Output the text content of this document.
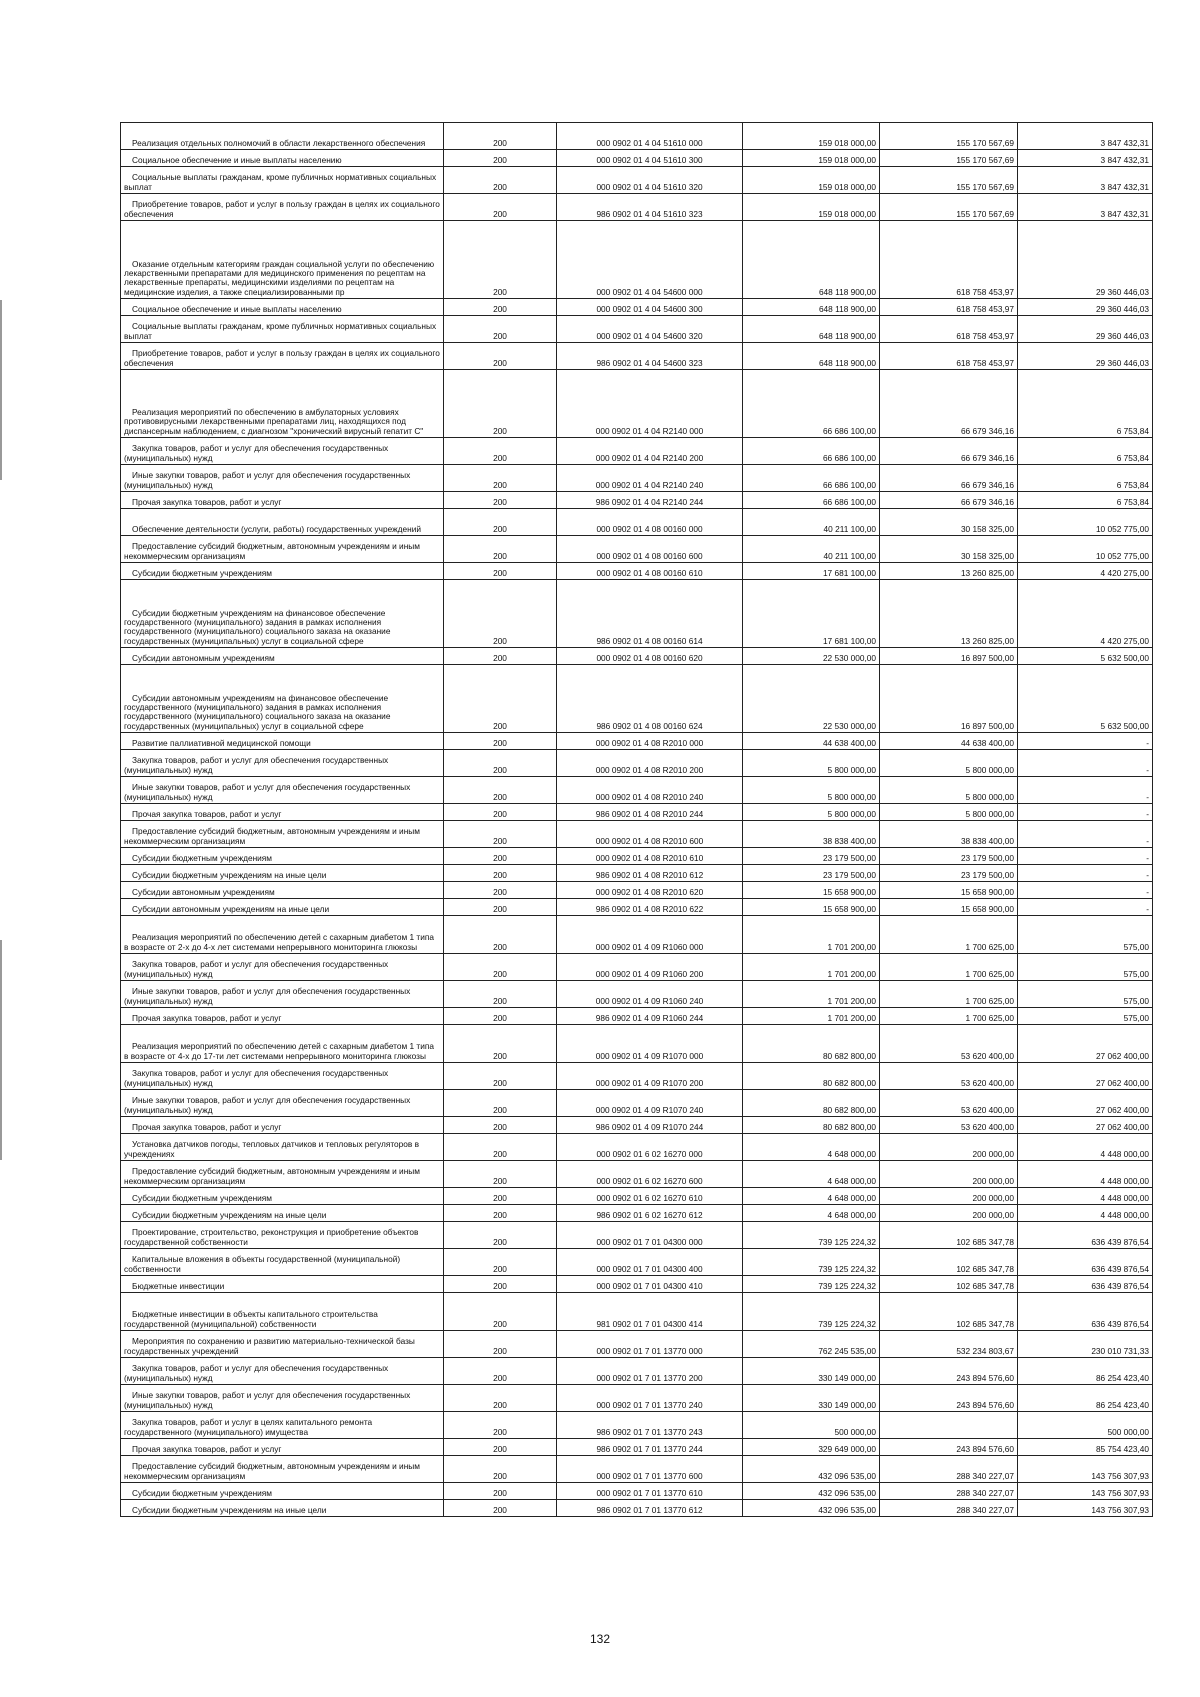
Реализация отдельных полномочий в области лекарственного обеспечения	200	000 0902 01 4 04 51610 000	159 018 000,00	155 170 567,69	3 847 432,31

Социальное обеспечение и иные выплаты населению	200	000 0902 01 4 04 51610 300	159 018 000,00	155 170 567,69	3 847 432,31

Социальные выплаты гражданам, кроме публичных нормативных социальных выплат	200	000 0902 01 4 04 51610 320	159 018 000,00	155 170 567,69	3 847 432,31

Приобретение товаров, работ и услуг в пользу граждан в целях их социального обеспечения	200	986 0902 01 4 04 51610 323	159 018 000,00	155 170 567,69	3 847 432,31

Оказание отдельным категориям граждан социальной услуги по обеспечению лекарственными препаратами для медицинского применения по рецептам на лекарственные препараты, медицинскими изделиями по рецептам на медицинские изделия, а также специализированными пр	200	000 0902 01 4 04 54600 000	648 118 900,00	618 758 453,97	29 360 446,03

Социальное обеспечение и иные выплаты населению	200	000 0902 01 4 04 54600 300	648 118 900,00	618 758 453,97	29 360 446,03

Социальные выплаты гражданам, кроме публичных нормативных социальных выплат	200	000 0902 01 4 04 54600 320	648 118 900,00	618 758 453,97	29 360 446,03

Приобретение товаров, работ и услуг в пользу граждан в целях их социального обеспечения	200	986 0902 01 4 04 54600 323	648 118 900,00	618 758 453,97	29 360 446,03

Реализация мероприятий по обеспечению в амбулаторных условиях противовирусными лекарственными препаратами лиц, находящихся под диспансерным наблюдением, с диагнозом "хронический вирусный гепатит С"	200	000 0902 01 4 04 R2140 000	66 686 100,00	66 679 346,16	6 753,84

Закупка товаров, работ и услуг для обеспечения государственных (муниципальных) нужд	200	000 0902 01 4 04 R2140 200	66 686 100,00	66 679 346,16	6 753,84

Иные закупки товаров, работ и услуг для обеспечения государственных (муниципальных) нужд	200	000 0902 01 4 04 R2140 240	66 686 100,00	66 679 346,16	6 753,84

Прочая закупка товаров, работ и услуг	200	986 0902 01 4 04 R2140 244	66 686 100,00	66 679 346,16	6 753,84

Обеспечение деятельности (услуги, работы) государственных учреждений	200	000 0902 01 4 08 00160 000	40 211 100,00	30 158 325,00	10 052 775,00

Предоставление субсидий бюджетным, автономным учреждениям и иным некоммерческим организациям	200	000 0902 01 4 08 00160 600	40 211 100,00	30 158 325,00	10 052 775,00

Субсидии бюджетным учреждениям	200	000 0902 01 4 08 00160 610	17 681 100,00	13 260 825,00	4 420 275,00

Субсидии бюджетным учреждениям на финансовое обеспечение государственного (муниципального) задания в рамках исполнения государственного (муниципального) социального заказа на оказание государственных (муниципальных) услуг в социальной сфере	200	986 0902 01 4 08 00160 614	17 681 100,00	13 260 825,00	4 420 275,00

Субсидии автономным учреждениям	200	000 0902 01 4 08 00160 620	22 530 000,00	16 897 500,00	5 632 500,00

Субсидии автономным учреждениям на финансовое обеспечение государственного (муниципального) задания в рамках исполнения государственного (муниципального) социального заказа на оказание государственных (муниципальных) услуг в социальной сфере	200	986 0902 01 4 08 00160 624	22 530 000,00	16 897 500,00	5 632 500,00

Развитие паллиативной медицинской помощи	200	000 0902 01 4 08 R2010 000	44 638 400,00	44 638 400,00	-

Закупка товаров, работ и услуг для обеспечения государственных (муниципальных) нужд	200	000 0902 01 4 08 R2010 200	5 800 000,00	5 800 000,00	-

Иные закупки товаров, работ и услуг для обеспечения государственных (муниципальных) нужд	200	000 0902 01 4 08 R2010 240	5 800 000,00	5 800 000,00	-

Прочая закупка товаров, работ и услуг	200	986 0902 01 4 08 R2010 244	5 800 000,00	5 800 000,00	-

Предоставление субсидий бюджетным, автономным учреждениям и иным некоммерческим организациям	200	000 0902 01 4 08 R2010 600	38 838 400,00	38 838 400,00	-

Субсидии бюджетным учреждениям	200	000 0902 01 4 08 R2010 610	23 179 500,00	23 179 500,00	-

Субсидии бюджетным учреждениям на иные цели	200	986 0902 01 4 08 R2010 612	23 179 500,00	23 179 500,00	-

Субсидии автономным учреждениям	200	000 0902 01 4 08 R2010 620	15 658 900,00	15 658 900,00	-

Субсидии автономным учреждениям на иные цели	200	986 0902 01 4 08 R2010 622	15 658 900,00	15 658 900,00	-

Реализация мероприятий по обеспечению детей с сахарным диабетом 1 типа в возрасте от 2-х до 4-х лет системами непрерывного мониторинга глюкозы	200	000 0902 01 4 09 R1060 000	1 701 200,00	1 700 625,00	575,00

Закупка товаров, работ и услуг для обеспечения государственных (муниципальных) нужд	200	000 0902 01 4 09 R1060 200	1 701 200,00	1 700 625,00	575,00

Иные закупки товаров, работ и услуг для обеспечения государственных (муниципальных) нужд	200	000 0902 01 4 09 R1060 240	1 701 200,00	1 700 625,00	575,00

Прочая закупка товаров, работ и услуг	200	986 0902 01 4 09 R1060 244	1 701 200,00	1 700 625,00	575,00

Реализация мероприятий по обеспечению детей с сахарным диабетом 1 типа в возрасте от 4-х до 17-ти лет системами непрерывного мониторинга глюкозы	200	000 0902 01 4 09 R1070 000	80 682 800,00	53 620 400,00	27 062 400,00

Закупка товаров, работ и услуг для обеспечения государственных (муниципальных) нужд	200	000 0902 01 4 09 R1070 200	80 682 800,00	53 620 400,00	27 062 400,00

Иные закупки товаров, работ и услуг для обеспечения государственных (муниципальных) нужд	200	000 0902 01 4 09 R1070 240	80 682 800,00	53 620 400,00	27 062 400,00

Прочая закупка товаров, работ и услуг	200	986 0902 01 4 09 R1070 244	80 682 800,00	53 620 400,00	27 062 400,00

Установка датчиков погоды, тепловых датчиков и тепловых регуляторов в учреждениях	200	000 0902 01 6 02 16270 000	4 648 000,00	200 000,00	4 448 000,00

Предоставление субсидий бюджетным, автономным учреждениям и иным некоммерческим организациям	200	000 0902 01 6 02 16270 600	4 648 000,00	200 000,00	4 448 000,00

Субсидии бюджетным учреждениям	200	000 0902 01 6 02 16270 610	4 648 000,00	200 000,00	4 448 000,00

Субсидии бюджетным учреждениям на иные цели	200	986 0902 01 6 02 16270 612	4 648 000,00	200 000,00	4 448 000,00

Проектирование, строительство, реконструкция и приобретение объектов государственной собственности	200	000 0902 01 7 01 04300 000	739 125 224,32	102 685 347,78	636 439 876,54

Капитальные вложения в объекты государственной (муниципальной) собственности	200	000 0902 01 7 01 04300 400	739 125 224,32	102 685 347,78	636 439 876,54

Бюджетные инвестиции	200	000 0902 01 7 01 04300 410	739 125 224,32	102 685 347,78	636 439 876,54

Бюджетные инвестиции в объекты капитального строительства государственной (муниципальной) собственности	200	981 0902 01 7 01 04300 414	739 125 224,32	102 685 347,78	636 439 876,54

Мероприятия по сохранению и развитию материально-технической базы государственных учреждений	200	000 0902 01 7 01 13770 000	762 245 535,00	532 234 803,67	230 010 731,33

Закупка товаров, работ и услуг для обеспечения государственных (муниципальных) нужд	200	000 0902 01 7 01 13770 200	330 149 000,00	243 894 576,60	86 254 423,40

Иные закупки товаров, работ и услуг для обеспечения государственных (муниципальных) нужд	200	000 0902 01 7 01 13770 240	330 149 000,00	243 894 576,60	86 254 423,40

Закупка товаров, работ и услуг в целях капитального ремонта государственного (муниципального) имущества	200	986 0902 01 7 01 13770 243	500 000,00		500 000,00

Прочая закупка товаров, работ и услуг	200	986 0902 01 7 01 13770 244	329 649 000,00	243 894 576,60	85 754 423,40

Предоставление субсидий бюджетным, автономным учреждениям и иным некоммерческим организациям	200	000 0902 01 7 01 13770 600	432 096 535,00	288 340 227,07	143 756 307,93

Субсидии бюджетным учреждениям	200	000 0902 01 7 01 13770 610	432 096 535,00	288 340 227,07	143 756 307,93

Субсидии бюджетным учреждениям на иные цели	200	986 0902 01 7 01 13770 612	432 096 535,00	288 340 227,07	143 756 307,93
132
